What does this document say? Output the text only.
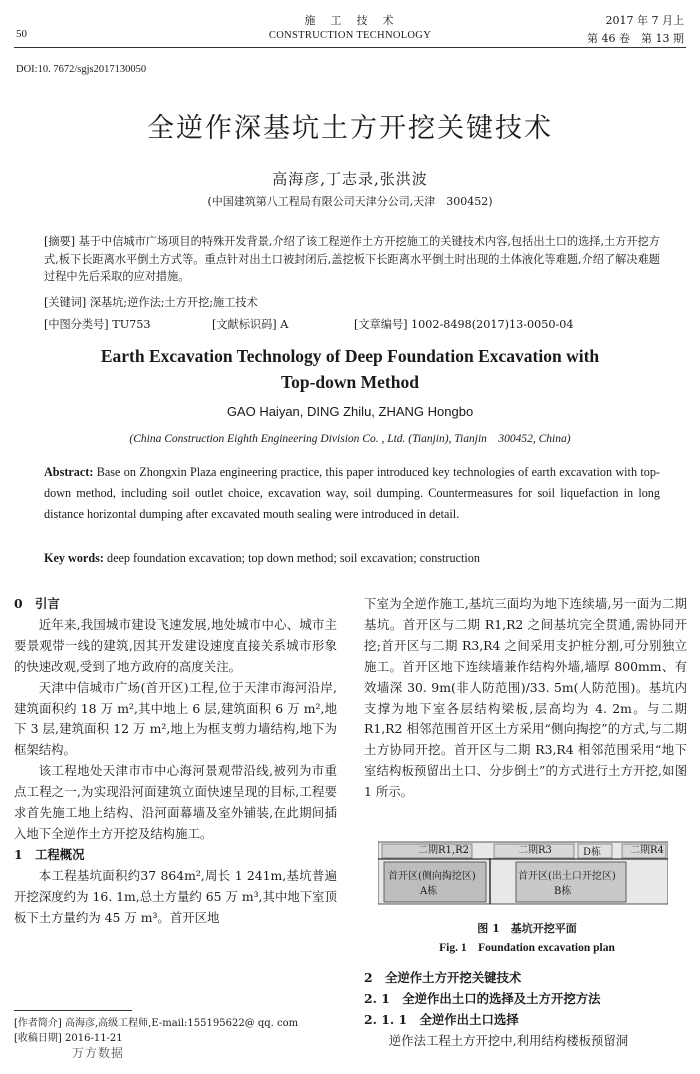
50
施　工　技　术
CONSTRUCTION TECHNOLOGY
2017 年 7 月上
第 46 卷　第 13 期
DOI:10. 7672/sgjs2017130050
全逆作深基坑土方开挖关键技术
高海彦,丁志录,张洪波
(中国建筑第八工程局有限公司天津分公司,天津　300452)
[摘要] 基于中信城市广场项目的特殊开发背景,介绍了该工程逆作土方开挖施工的关键技术内容,包括出土口的选择,土方开挖方式,板下长距离水平倒土方式等。重点针对出土口被封闭后,盖挖板下长距离水平倒土时出现的土体液化等难题,介绍了解决难题过程中先后采取的应对措施。
[关键词] 深基坑;逆作法;土方开挖;施工技术
[中图分类号] TU753	[文献标识码] A	[文章编号] 1002-8498(2017)13-0050-04
Earth Excavation Technology of Deep Foundation Excavation with
Top-down Method
GAO Haiyan, DING Zhilu, ZHANG Hongbo
(China Construction Eighth Engineering Division Co. , Ltd. (Tianjin), Tianjin　300452, China)
Abstract: Base on Zhongxin Plaza engineering practice, this paper introduced key technologies of earth excavation with top-down method, including soil outlet choice, excavation way, soil dumping. Countermeasures for soil liquefaction in long distance horizontal dumping after excavated mouth sealing were introduced in detail.
Key words: deep foundation excavation; top down method; soil excavation; construction
0　引言

近年来,我国城市建设飞速发展,地处城市中心、城市主要景观带一线的建筑,因其开发建设速度直接关系城市形象的快速改观,受到了地方政府的高度关注。

天津中信城市广场(首开区)工程,位于天津市海河沿岸,建筑面积约 18 万 m²,其中地上 6 层,建筑面积 6 万 m²,地下 3 层,建筑面积 12 万 m²,地上为框支剪力墙结构,地下为框架结构。

该工程地处天津市市中心海河景观带沿线,被列为市重点工程之一,为实现沿河面建筑立面快速呈现的目标,工程要求首先施工地上结构、沿河面幕墙及室外铺装,在此期间插入地下全逆作土方开挖及结构施工。

1　工程概况

本工程基坑面积约37 864m²,周长 1 241m,基坑普遍开挖深度约为 16. 1m,总土方量约 65 万 m³,其中地下室顶板下土方量约为 45 万 m³。首开区地

下室为全逆作施工,基坑三面均为地下连续墙,另一面为二期基坑。首开区与二期 R1,R2 之间基坑完全贯通,需协同开挖;首开区与二期 R3,R4 之间采用支护桩分割,可分别独立施工。首开区地下连续墙兼作结构外墙,墙厚 800mm、有效墙深 30. 9m(非人防范围)/33. 5m(人防范围)。基坑内支撑为地下室各层结构梁板,层高均为 4. 2m。与二期 R1,R2 相邻范围首开区土方采用“侧向掏挖”的方式,与二期土方协同开挖。首开区与二期 R3,R4 相邻范围采用“地下室结构板预留出土口、分步倒土”的方式进行土方开挖,如图 1 所示。

二期R1,R2	二期R3	D栋	二期R4
首开区(侧向掏挖区)
A栋
首开区(出土口开挖区)
B栋
图 1　基坑开挖平面
Fig. 1　Foundation excavation plan
2　全逆作土方开挖关键技术
2. 1　全逆作出土口的选择及土方开挖方法
2. 1. 1　全逆作出土口选择

逆作法工程土方开挖中,利用结构楼板预留洞

[作者简介] 高海彦,高级工程师,E-mail:155195622@ qq. com
[收稿日期] 2016-11-21
万方数据
